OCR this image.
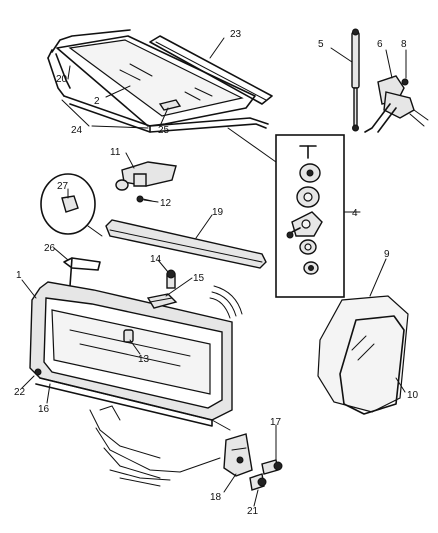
23
20
2
24	25
5	6 8
4
9
10
11
12
19
27
26
1
14
15
13
22
16
17
18
21
